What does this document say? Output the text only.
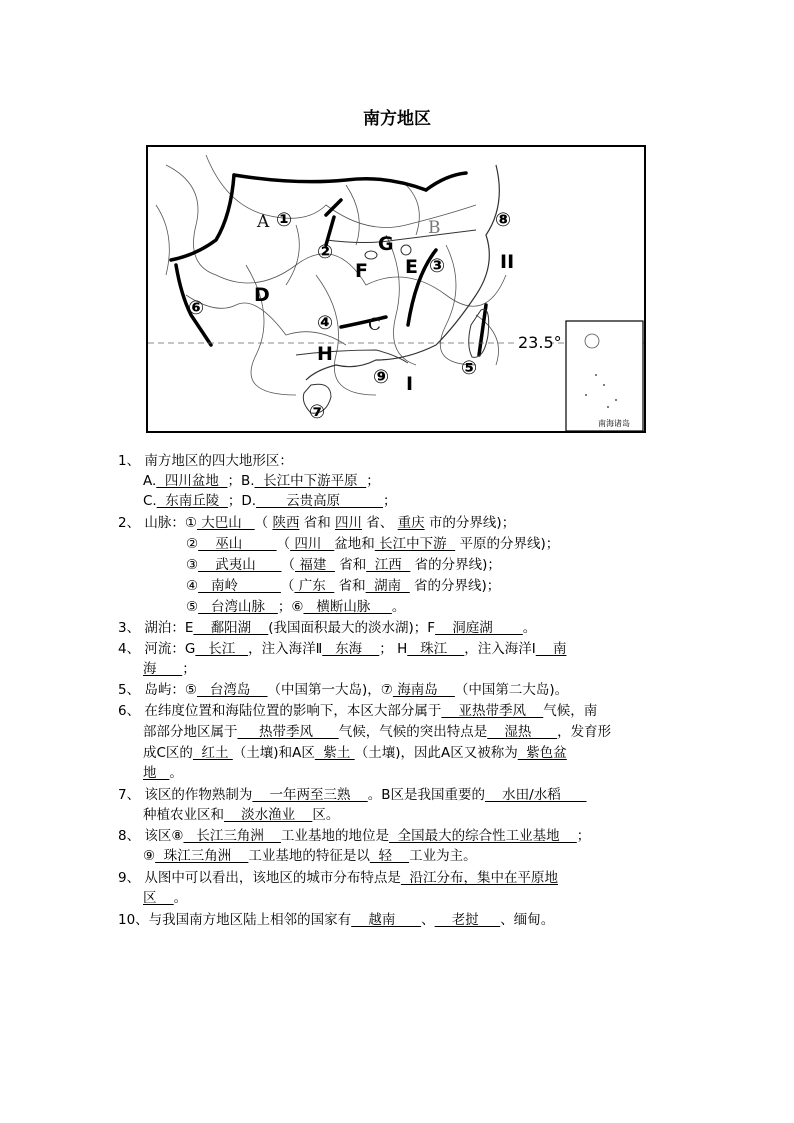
南方地区
23.5°
南海诸岛
A	B
C
D
E
F
G
H
I
II
①
②
③
④
⑤
⑥
⑦
⑧
⑨
1、 南方地区的四大地形区：
A.  四川盆地  ；B.  长江中下游平原  ；
C.  东南丘陵  ；D.       云贵高原          ；
2、 山脉：① 大巴山   （ 陕西 省和 四川 省、 重庆 市的分界线)；
②    巫山        （ 四川   盆地和 长江中下游   平原的分界线)；
③    武夷山      （ 福建   省和  江西   省的分界线)；
④   南岭          （ 广东   省和  湖南   省的分界线)；
⑤   台湾山脉   ；⑥   横断山脉     。
3、 湖泊：E    鄱阳湖    (我国面积最大的淡水湖)；F    洞庭湖       。
4、 河流：G   长江   ，注入海洋Ⅱ   东海    ； H   珠江    ，注入海洋Ⅰ    南
海      ；
5、 岛屿：⑤   台湾岛    （中国第一大岛)，⑦ 海南岛    （中国第二大岛)。
6、 在纬度位置和海陆位置的影响下，本区大部分属于    亚热带季风    气候，南
部部分地区属于     热带季风      气候，气候的突出特点是    湿热      ，发育形
成C区的  红土 （土壤)和A区  紫土 （土壤)，因此A区又被称为  紫色盆
地   。
7、 该区的作物熟制为    一年两至三熟    。B区是我国重要的    水田/水稻
种植农业区和    淡水渔业    区。
8、 该区⑧   长江三角洲    工业基地的地位是  全国最大的综合性工业基地    ；
⑨  珠江三角洲    工业基地的特征是以  轻    工业为主。
9、 从图中可以看出，该地区的城市分布特点是  沿江分布，集中在平原地
区    。
10、与我国南方地区陆上相邻的国家有    越南      、    老挝     、缅甸。
